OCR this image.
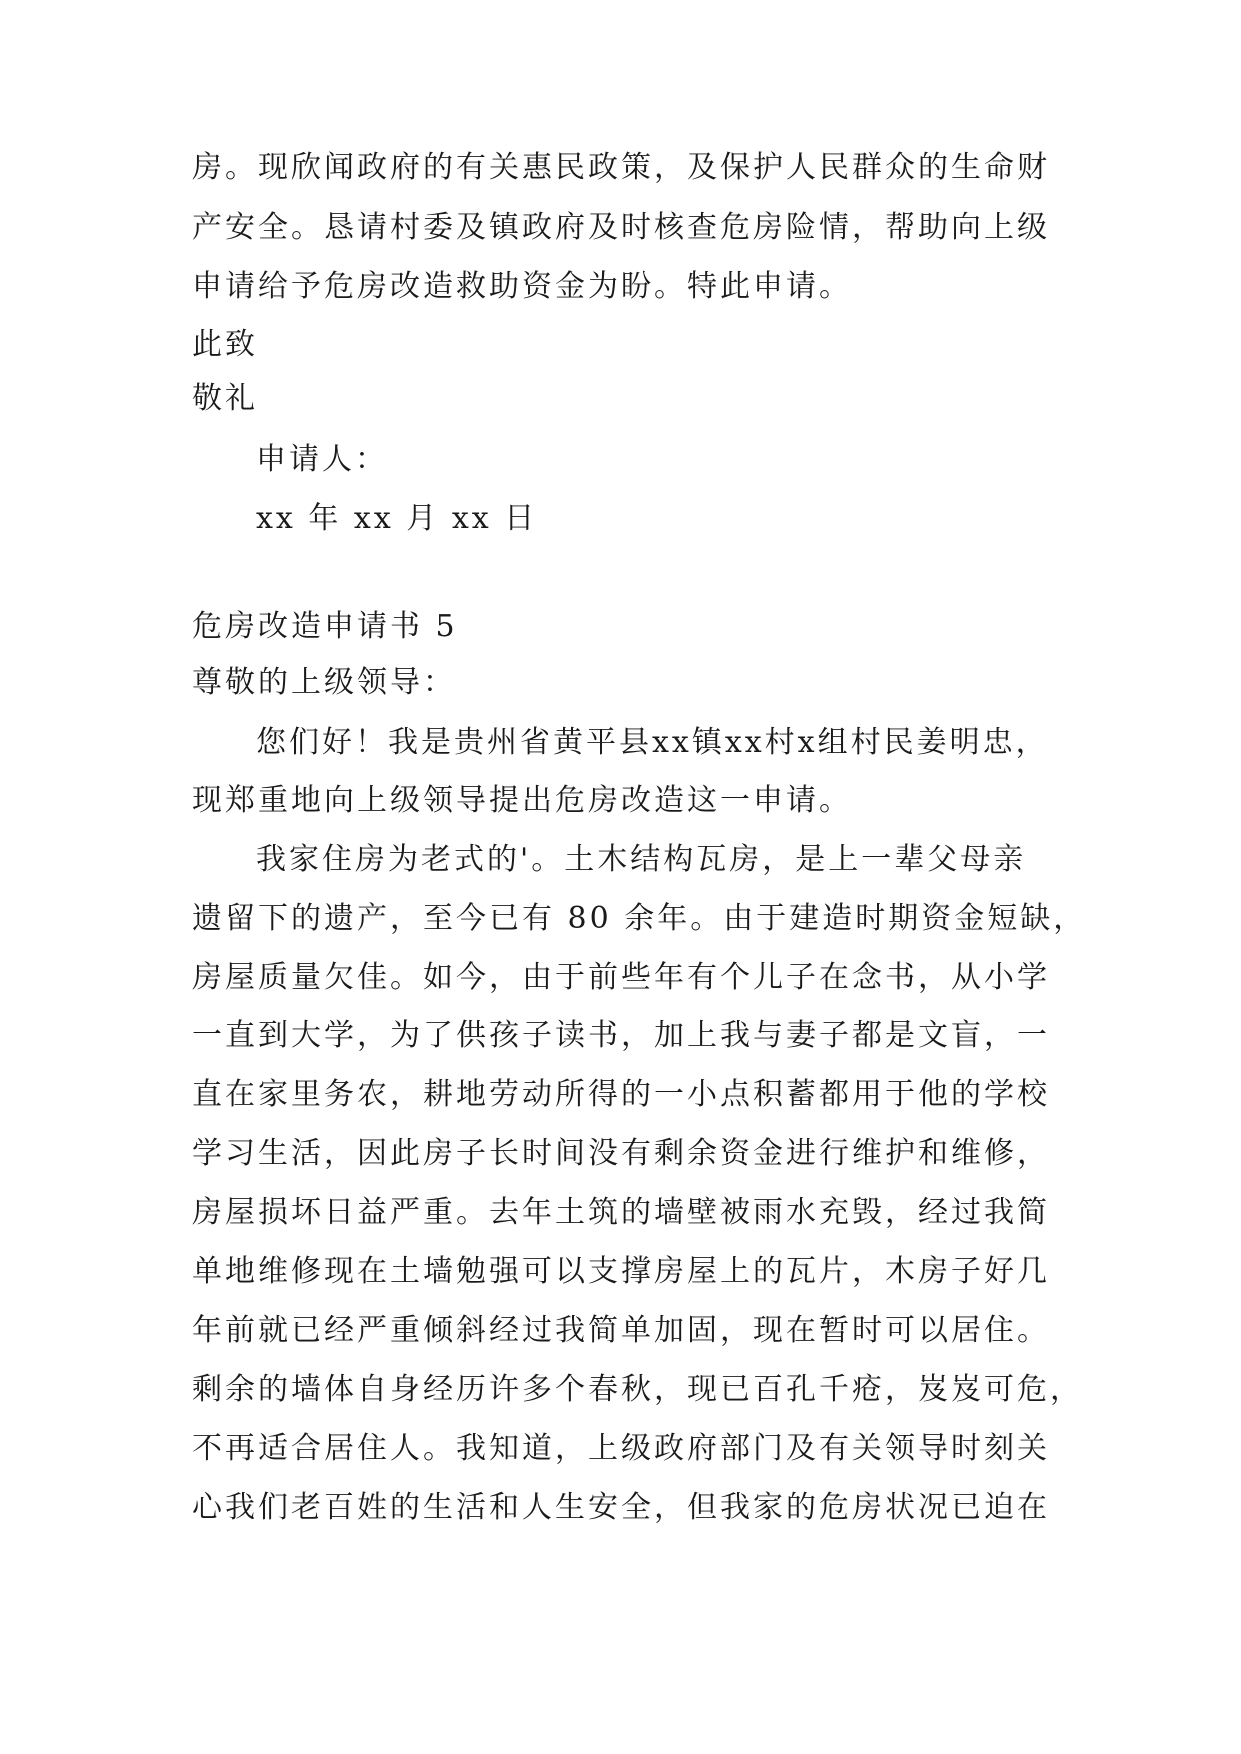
房。现欣闻政府的有关惠民政策，及保护人民群众的生命财
产安全。恳请村委及镇政府及时核查危房险情，帮助向上级
申请给予危房改造救助资金为盼。特此申请。
此致
敬礼
申请人：
xx 年 xx 月 xx 日
危房改造申请书 5
尊敬的上级领导：
您们好！我是贵州省黄平县xx镇xx村x组村民姜明忠，
现郑重地向上级领导提出危房改造这一申请。
我家住房为老式的'。土木结构瓦房，是上一辈父母亲
遗留下的遗产，至今已有 80 余年。由于建造时期资金短缺，
房屋质量欠佳。如今，由于前些年有个儿子在念书，从小学
一直到大学，为了供孩子读书，加上我与妻子都是文盲，一
直在家里务农，耕地劳动所得的一小点积蓄都用于他的学校
学习生活，因此房子长时间没有剩余资金进行维护和维修，
房屋损坏日益严重。去年土筑的墙壁被雨水充毁，经过我简
单地维修现在土墙勉强可以支撑房屋上的瓦片，木房子好几
年前就已经严重倾斜经过我简单加固，现在暂时可以居住。
剩余的墙体自身经历许多个春秋，现已百孔千疮，岌岌可危，
不再适合居住人。我知道，上级政府部门及有关领导时刻关
心我们老百姓的生活和人生安全，但我家的危房状况已迫在
